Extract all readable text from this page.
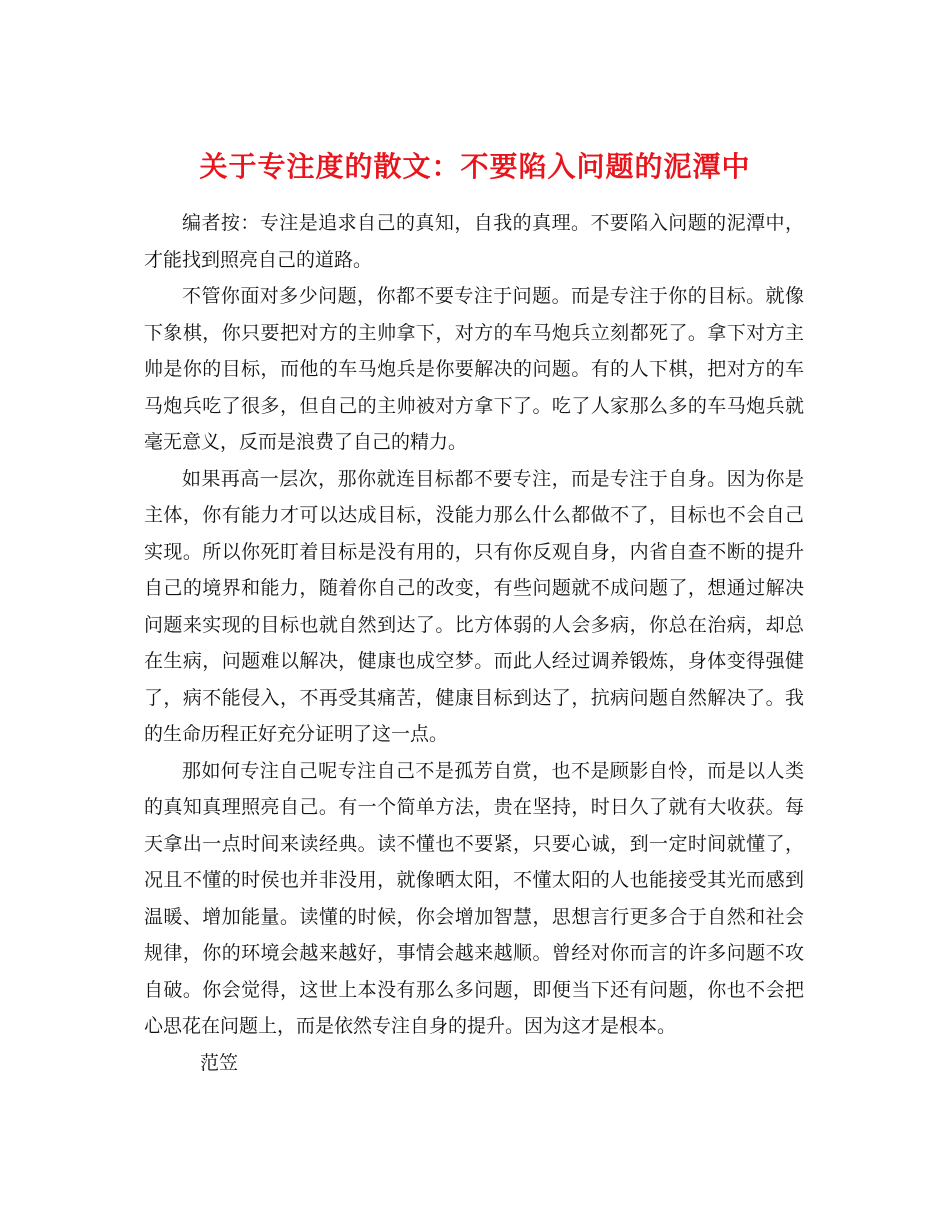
关于专注度的散文：不要陷入问题的泥潭中

编者按：专注是追求自己的真知，自我的真理。不要陷入问题的泥潭中，才能找到照亮自己的道路。

不管你面对多少问题，你都不要专注于问题。而是专注于你的目标。就像下象棋，你只要把对方的主帅拿下，对方的车马炮兵立刻都死了。拿下对方主帅是你的目标，而他的车马炮兵是你要解决的问题。有的人下棋，把对方的车马炮兵吃了很多，但自己的主帅被对方拿下了。吃了人家那么多的车马炮兵就毫无意义，反而是浪费了自己的精力。

如果再高一层次，那你就连目标都不要专注，而是专注于自身。因为你是主体，你有能力才可以达成目标，没能力那么什么都做不了，目标也不会自己实现。所以你死盯着目标是没有用的，只有你反观自身，内省自查不断的提升自己的境界和能力，随着你自己的改变，有些问题就不成问题了，想通过解决问题来实现的目标也就自然到达了。比方体弱的人会多病，你总在治病，却总在生病，问题难以解决，健康也成空梦。而此人经过调养锻炼，身体变得强健了，病不能侵入，不再受其痛苦，健康目标到达了，抗病问题自然解决了。我的生命历程正好充分证明了这一点。

那如何专注自己呢专注自己不是孤芳自赏，也不是顾影自怜，而是以人类的真知真理照亮自己。有一个简单方法，贵在坚持，时日久了就有大收获。每天拿出一点时间来读经典。读不懂也不要紧，只要心诚，到一定时间就懂了，况且不懂的时侯也并非没用，就像晒太阳，不懂太阳的人也能接受其光而感到温暖、增加能量。读懂的时候，你会增加智慧，思想言行更多合于自然和社会规律，你的环境会越来越好，事情会越来越顺。曾经对你而言的许多问题不攻自破。你会觉得，这世上本没有那么多问题，即便当下还有问题，你也不会把心思花在问题上，而是依然专注自身的提升。因为这才是根本。

范笠
